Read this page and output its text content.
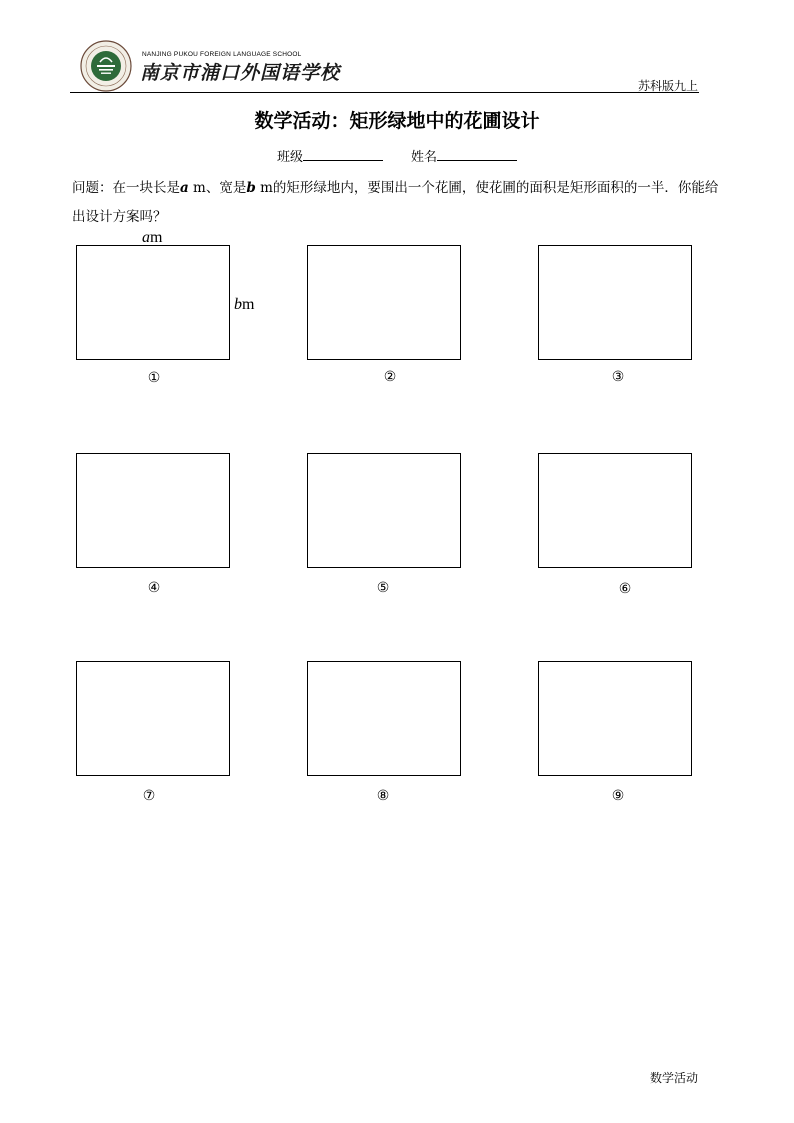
NANJING PUKOU FOREIGN LANGUAGE SCHOOL
南京市浦口外国语学校
苏科版九上
数学活动：矩形绿地中的花圃设计
班级	姓名
问题：在一块长是a m、宽是b m的矩形绿地内，要围出一个花圃，使花圃的面积是矩形面积的一半．你能给出设计方案吗？
am
bm
①	②	③
④	⑤	⑥
⑦	⑧	⑨
数学活动
